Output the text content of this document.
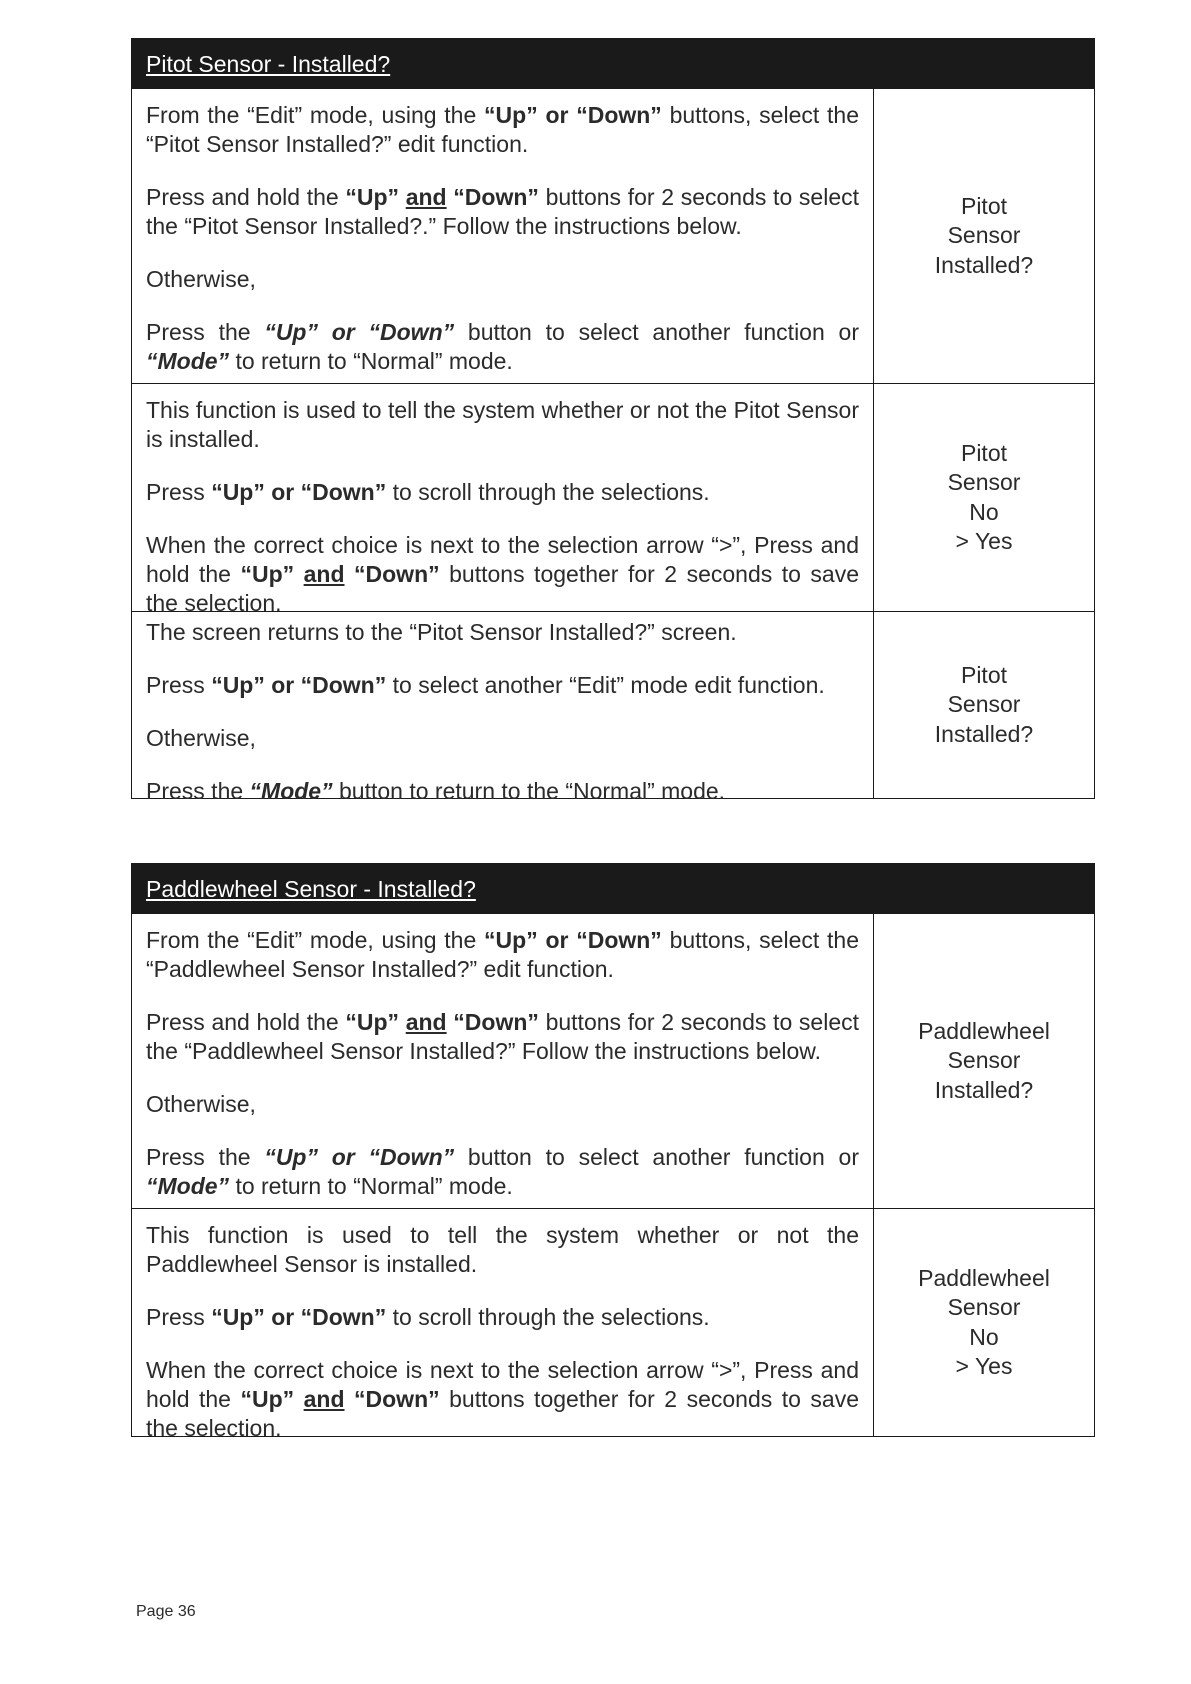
Pitot Sensor - Installed?

From the “Edit” mode, using the “Up” or “Down” buttons, select the “Pitot Sensor Installed?” edit function.

Press and hold the “Up” and “Down” buttons for 2 seconds to select the “Pitot Sensor Installed?.” Follow the instructions below.

Otherwise,

Press the “Up” or “Down” button to select another function or “Mode” to return to “Normal” mode.

Pitot
Sensor
Installed?

This function is used to tell the system whether or not the Pitot Sensor is installed.

Press “Up” or “Down” to scroll through the selections.

When the correct choice is next to the selection arrow “>”, Press and hold the “Up” and “Down” buttons together for 2 seconds to save the selection.

Pitot
Sensor
No
> Yes

The screen returns to the “Pitot Sensor Installed?” screen.

Press “Up” or “Down” to select another “Edit” mode edit function.

Otherwise,

Press the “Mode” button to return to the “Normal” mode.

Pitot
Sensor
Installed?
Paddlewheel Sensor - Installed?

From the “Edit” mode, using the “Up” or “Down” buttons, select the “Paddlewheel Sensor Installed?” edit function.

Press and hold the “Up” and “Down” buttons for 2 seconds to select the “Paddlewheel Sensor Installed?” Follow the instructions below.

Otherwise,

Press the “Up” or “Down” button to select another function or “Mode” to return to “Normal” mode.

Paddlewheel
Sensor
Installed?

This function is used to tell the system whether or not the Paddlewheel Sensor is installed.

Press “Up” or “Down” to scroll through the selections.

When the correct choice is next to the selection arrow “>”, Press and hold the “Up” and “Down” buttons together for 2 seconds to save the selection.

Paddlewheel
Sensor
No
> Yes
Page 36
